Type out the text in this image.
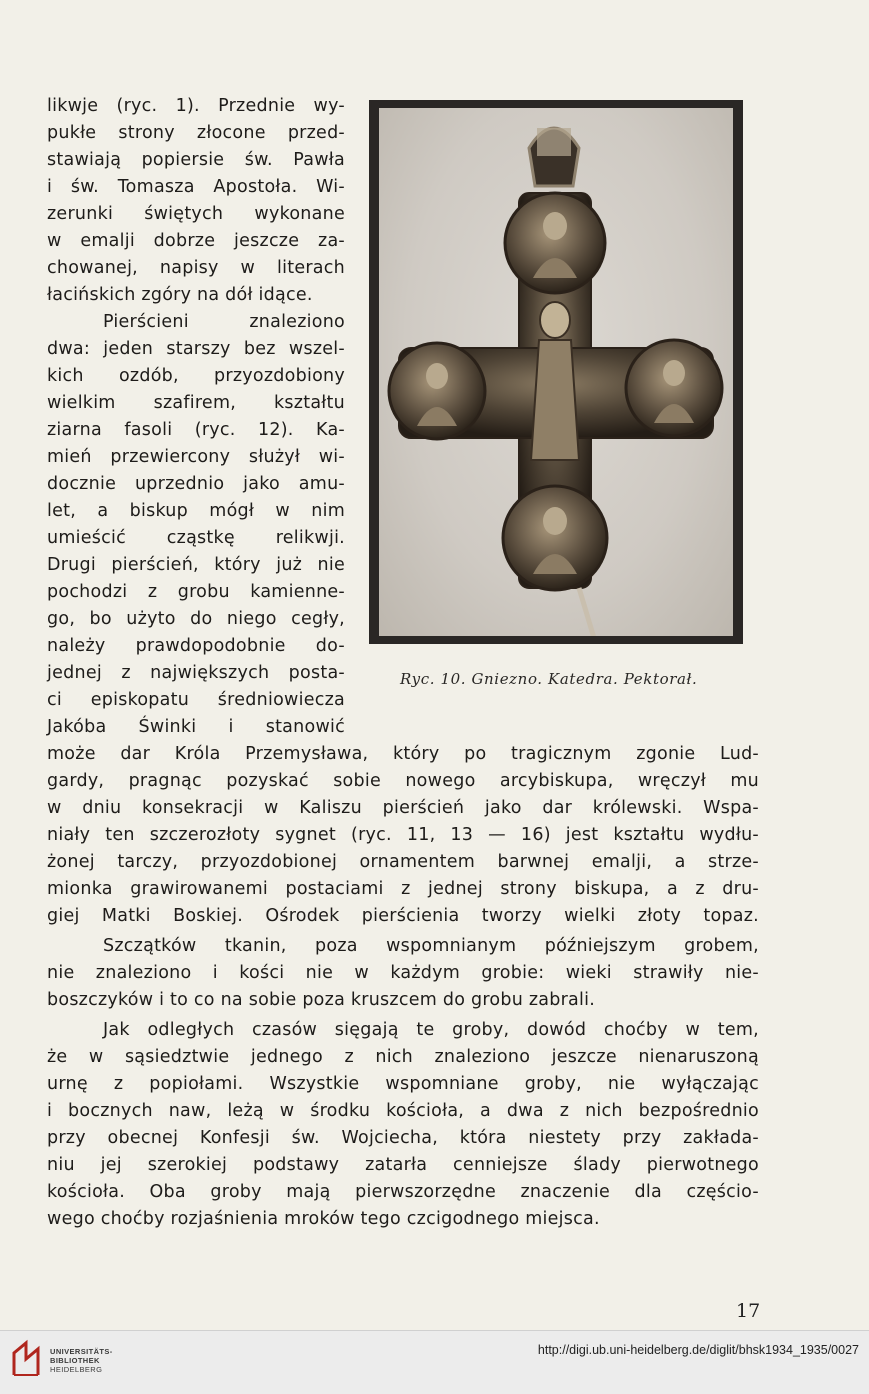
likwje (ryc. 1). Przednie wy-
pukłe strony złocone przed-
stawiają popiersie św. Pawła
i św. Tomasza Apostoła. Wi-
zerunki świętych wykonane
w emalji dobrze jeszcze za-
chowanej, napisy w literach
łacińskich zgóry na dół idące.
Pierścieni znaleziono
dwa: jeden starszy bez wszel-
kich ozdób, przyozdobiony
wielkim szafirem, kształtu
ziarna fasoli (ryc. 12). Ka-
mień przewiercony służył wi-
docznie uprzednio jako amu-
let, a biskup mógł w nim
umieścić cząstkę relikwji.
Drugi pierścień, który już nie
pochodzi z grobu kamienne-
go, bo użyto do niego cegły,
należy prawdopodobnie do-
jednej z największych posta-
ci episkopatu średniowiecza
Jakóba Świnki i stanowić
Ryc. 10. Gniezno. Katedra. Pektorał.
może dar Króla Przemysława, który po tragicznym zgonie Lud-
gardy, pragnąc pozyskać sobie nowego arcybiskupa, wręczył mu
w dniu konsekracji w Kaliszu pierścień jako dar królewski. Wspa-
niały ten szczerozłoty sygnet (ryc. 11, 13 — 16) jest kształtu wydłu-
żonej tarczy, przyozdobionej ornamentem barwnej emalji, a strze-
mionka grawirowanemi postaciami z jednej strony biskupa, a z dru-
giej Matki Boskiej. Ośrodek pierścienia tworzy wielki złoty topaz.
Szczątków tkanin, poza wspomnianym późniejszym grobem,
nie znaleziono i kości nie w każdym grobie: wieki strawiły nie-
boszczyków i to co na sobie poza kruszcem do grobu zabrali.
Jak odległych czasów sięgają te groby, dowód choćby w tem,
że w sąsiedztwie jednego z nich znaleziono jeszcze nienaruszoną
urnę z popiołami. Wszystkie wspomniane groby, nie wyłączając
i bocznych naw, leżą w środku kościoła, a dwa z nich bezpośrednio
przy obecnej Konfesji św. Wojciecha, która niestety przy zakłada-
niu jej szerokiej podstawy zatarła cenniejsze ślady pierwotnego
kościoła. Oba groby mają pierwszorzędne znaczenie dla częścio-
wego choćby rozjaśnienia mroków tego czcigodnego miejsca.
17
UNIVERSITÄTS-
BIBLIOTHEK
HEIDELBERG
http://digi.ub.uni-heidelberg.de/diglit/bhsk1934_1935/0027
